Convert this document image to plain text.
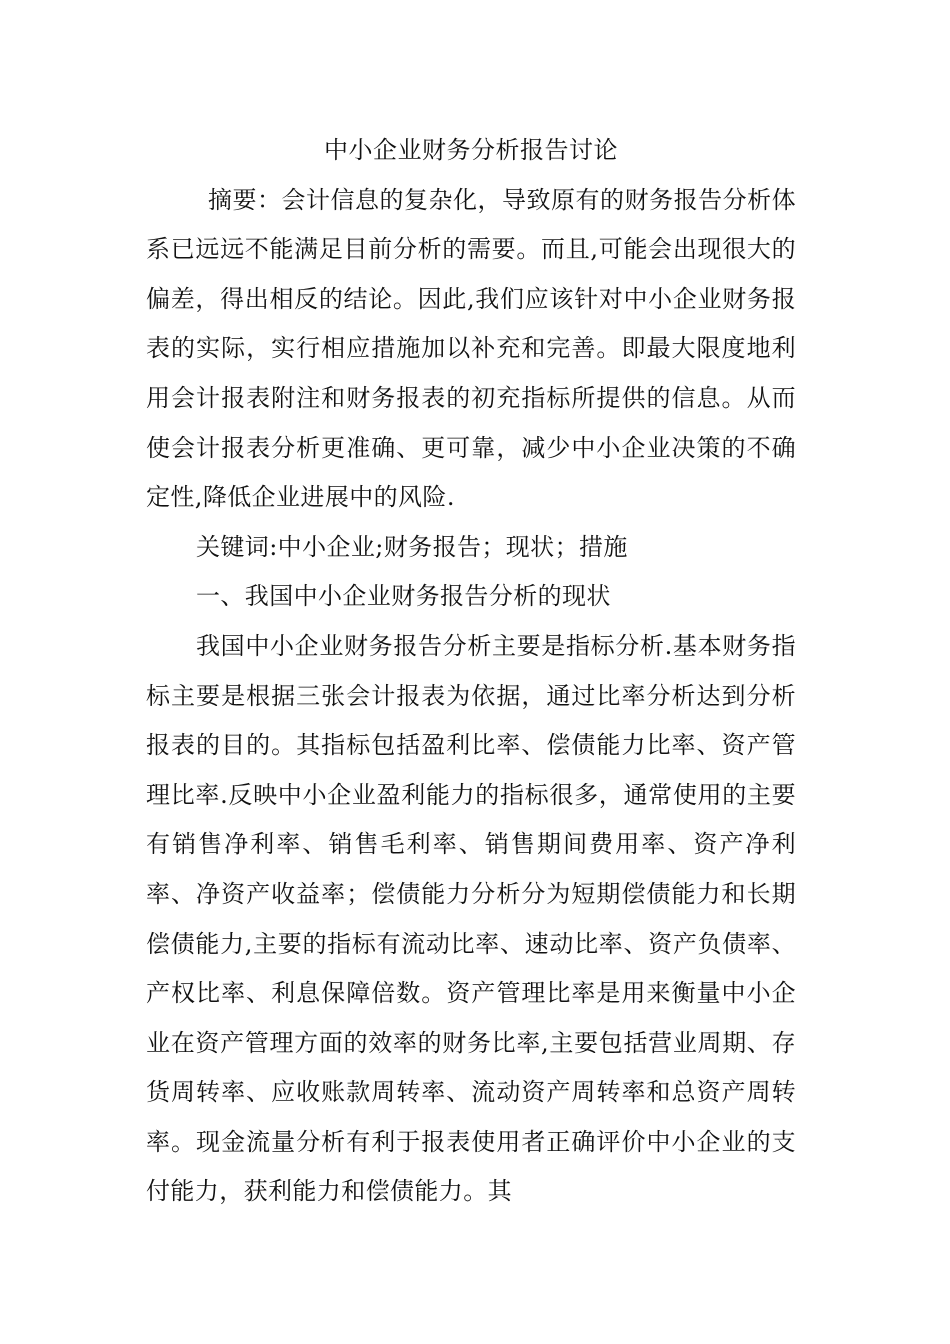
中小企业财务分析报告讨论

摘要：会计信息的复杂化，导致原有的财务报告分析体系已远远不能满足目前分析的需要。而且,可能会出现很大的偏差，得出相反的结论。因此,我们应该针对中小企业财务报表的实际，实行相应措施加以补充和完善。即最大限度地利用会计报表附注和财务报表的初充指标所提供的信息。从而使会计报表分析更准确、更可靠，减少中小企业决策的不确定性,降低企业进展中的风险.

关键词:中小企业;财务报告；现状；措施

一、我国中小企业财务报告分析的现状

我国中小企业财务报告分析主要是指标分析.基本财务指标主要是根据三张会计报表为依据，通过比率分析达到分析报表的目的。其指标包括盈利比率、偿债能力比率、资产管理比率.反映中小企业盈利能力的指标很多，通常使用的主要有销售净利率、销售毛利率、销售期间费用率、资产净利率、净资产收益率；偿债能力分析分为短期偿债能力和长期偿债能力,主要的指标有流动比率、速动比率、资产负债率、产权比率、利息保障倍数。资产管理比率是用来衡量中小企业在资产管理方面的效率的财务比率,主要包括营业周期、存货周转率、应收账款周转率、流动资产周转率和总资产周转率。现金流量分析有利于报表使用者正确评价中小企业的支付能力，获利能力和偿债能力。其
